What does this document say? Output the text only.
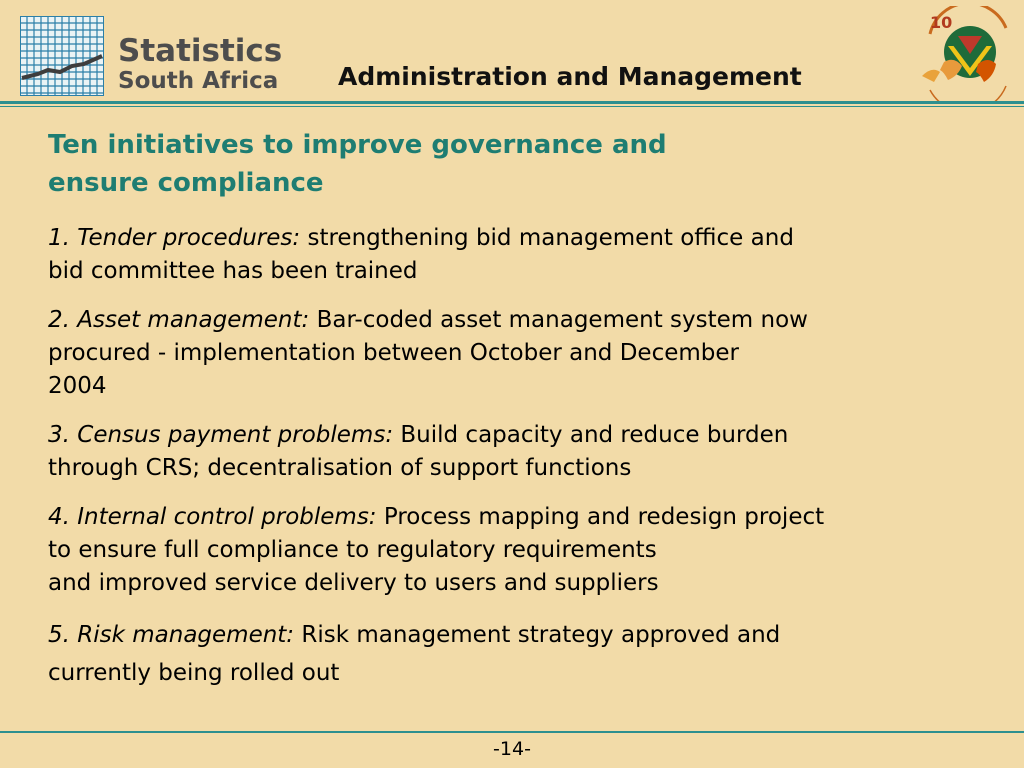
Statistics
South Africa Administration and Management
10
Ten initiatives to improve governance and
ensure compliance
1. Tender procedures: strengthening bid management office and
bid committee has been trained
2. Asset management: Bar-coded asset management system now
procured - implementation between October and December
2004
3. Census payment problems: Build capacity and reduce burden
through CRS; decentralisation of support functions
4. Internal control problems: Process mapping and redesign project
to ensure full compliance to regulatory requirements
and improved service delivery to users and suppliers
5. Risk management: Risk management strategy approved and
currently being rolled out
-14-
